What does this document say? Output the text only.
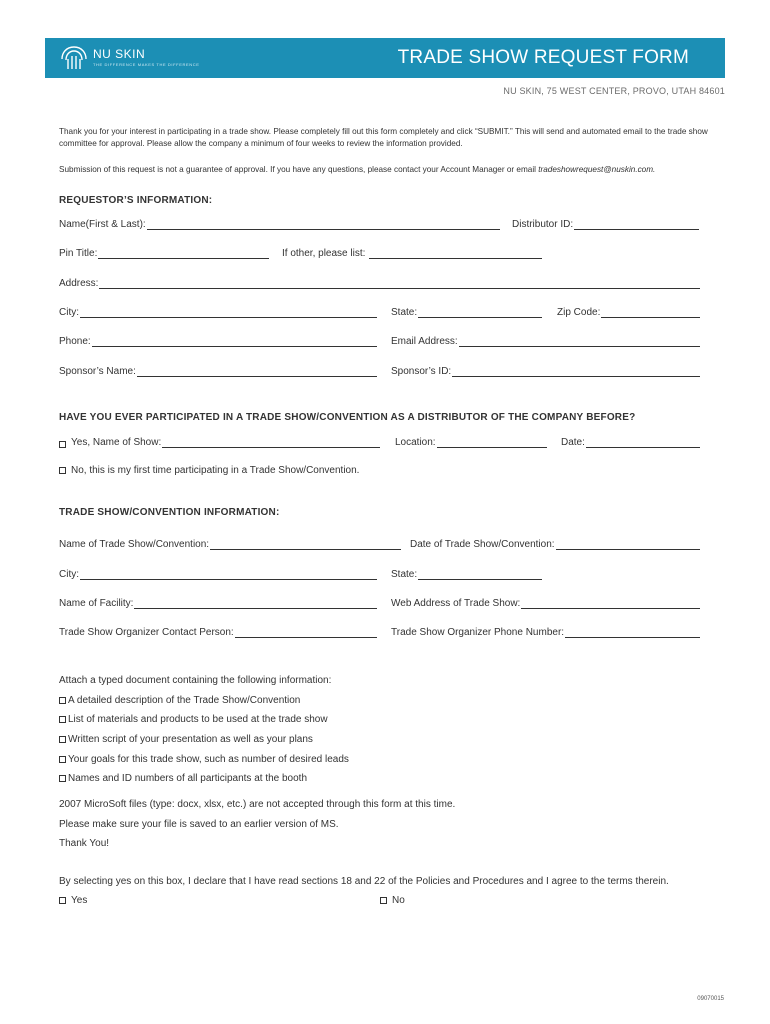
NU SKIN
THE DIFFERENCE MAKES THE DIFFERENCE	TRADE SHOW REQUEST FORM
NU SKIN, 75 WEST CENTER, PROVO, UTAH 84601
Thank you for your interest in participating in a trade show. Please completely fill out this form completely and click “SUBMIT.” This will send and automated email to the trade show committee for approval. Please allow the company a minimum of four weeks to review the information provided.
Submission of this request is not a guarantee of approval. If you have any questions, please contact your Account Manager or email tradeshowrequest@nuskin.com.
REQUESTOR’S INFORMATION:
Name(First & Last):	Distributor ID:
Pin Title:	If other, please list:
Address:
City:	State:	Zip Code:
Phone:	Email Address:
Sponsor’s Name:	Sponsor’s ID:
HAVE YOU EVER PARTICIPATED IN A TRADE SHOW/CONVENTION AS A DISTRIBUTOR OF THE COMPANY BEFORE?
Yes, Name of Show:	Location:	Date:
No, this is my first time participating in a Trade Show/Convention.
TRADE SHOW/CONVENTION INFORMATION:
Name of Trade Show/Convention:	Date of Trade Show/Convention:
City:	State:
Name of Facility:	Web Address of Trade Show:
Trade Show Organizer Contact Person:	Trade Show Organizer Phone Number:
Attach a typed document containing the following information:
A detailed description of the Trade Show/Convention
List of materials and products to be used at the trade show
Written script of your presentation as well as your plans
Your goals for this trade show, such as number of desired leads
Names and ID numbers of all participants at the booth
2007 MicroSoft files (type: docx, xlsx, etc.) are not accepted through this form at this time.
Please make sure your file is saved to an earlier version of MS.
Thank You!
By selecting yes on this box, I declare that I have read sections 18 and 22 of the Policies and Procedures and I agree to the terms therein.
Yes	No
09070015
